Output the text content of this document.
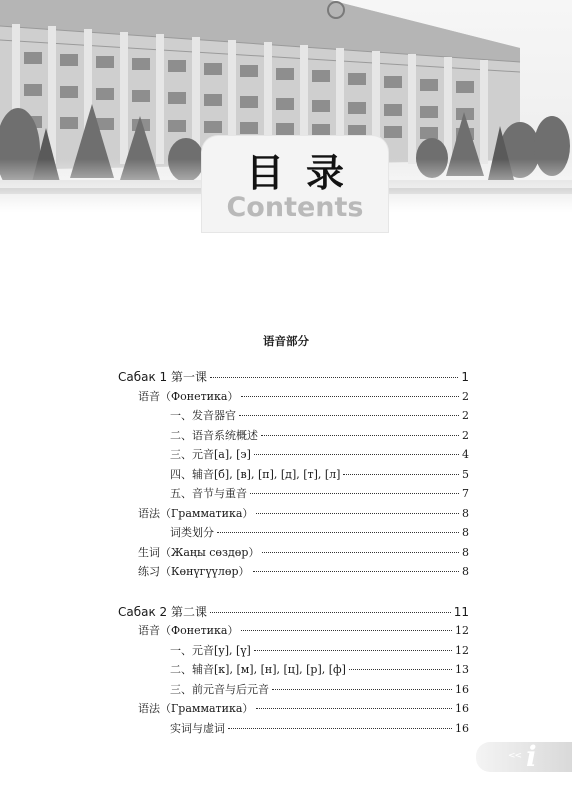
目录
Contents
语音部分
Сабак 1 第一课	1
语音（Фонетика）	2
一、发音器官	2
二、语音系统概述	2
三、元音[а], [э]	4
四、辅音[б], [в], [п], [д], [т], [л]	5
五、音节与重音	7
语法（Грамматика）	8
词类划分	8
生词（Жаңы сөздөр）	8
练习（Көнүгүүлөр）	8
Сабак 2 第二课	11
语音（Фонетика）	12
一、元音[у], [ү]	12
二、辅音[к], [м], [н], [ц], [р], [ф]	13
三、前元音与后元音	16
语法（Грамматика）	16
实词与虚词	16
<< i
